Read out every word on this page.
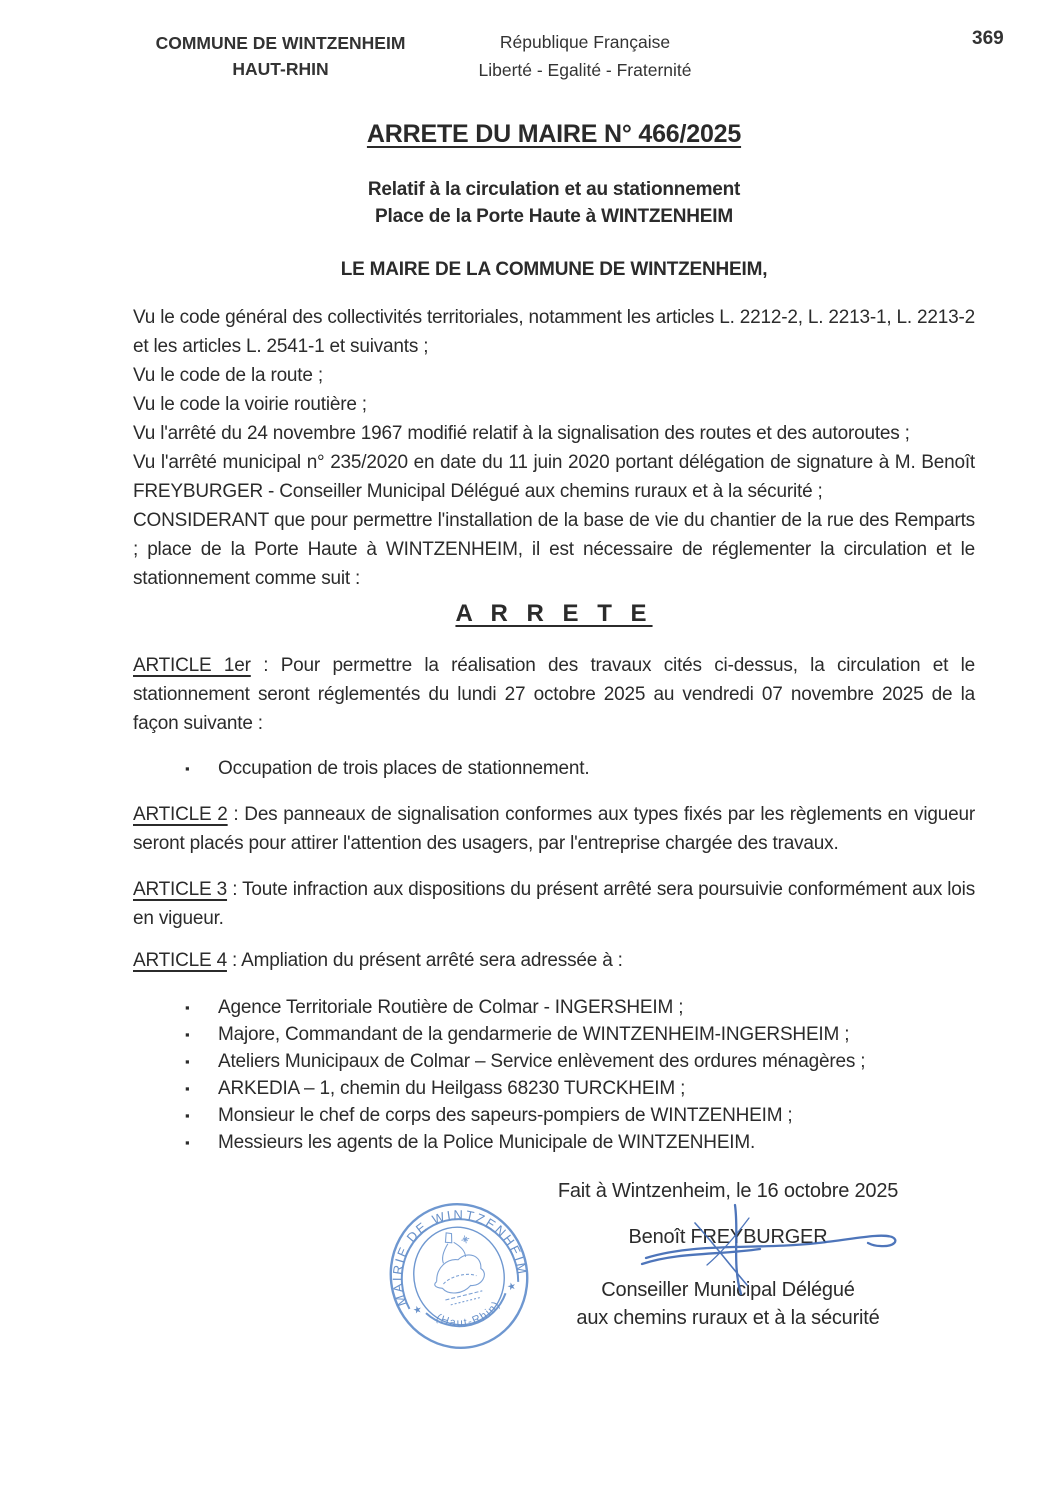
COMMUNE DE WINTZENHEIM
HAUT-RHIN
République Française
Liberté - Egalité - Fraternité
369
ARRETE DU MAIRE N° 466/2025
Relatif à la circulation et au stationnement
Place de la Porte Haute à WINTZENHEIM

LE MAIRE DE LA COMMUNE DE WINTZENHEIM,

Vu le code général des collectivités territoriales, notamment les articles L. 2212-2, L. 2213-1, L. 2213-2 et les articles L. 2541-1 et suivants ;

Vu le code de la route ;

Vu le code la voirie routière ;

Vu l'arrêté du 24 novembre 1967 modifié relatif à la signalisation des routes et des autoroutes ;

Vu l'arrêté municipal n° 235/2020 en date du 11 juin 2020 portant délégation de signature à M. Benoît FREYBURGER - Conseiller Municipal Délégué aux chemins ruraux et à la sécurité ;

CONSIDERANT que pour permettre l'installation de la base de vie du chantier de la rue des Remparts ; place de la Porte Haute à WINTZENHEIM, il est nécessaire de réglementer la circulation et le stationnement comme suit :

A R R E T E

ARTICLE 1er : Pour permettre la réalisation des travaux cités ci-dessus, la circulation et le stationnement seront réglementés du lundi 27 octobre 2025 au vendredi 07 novembre 2025 de la façon suivante :

▪	Occupation de trois places de stationnement.

ARTICLE 2 : Des panneaux de signalisation conformes aux types fixés par les règlements en vigueur seront placés pour attirer l'attention des usagers, par l'entreprise chargée des travaux.

ARTICLE 3 : Toute infraction aux dispositions du présent arrêté sera poursuivie conformément aux lois en vigueur.

ARTICLE 4 : Ampliation du présent arrêté sera adressée à :

▪	Agence Territoriale Routière de Colmar - INGERSHEIM ;
▪	Majore, Commandant de la gendarmerie de WINTZENHEIM-INGERSHEIM ;
▪	Ateliers Municipaux de Colmar – Service enlèvement des ordures ménagères ;
▪	ARKEDIA – 1, chemin du Heilgass 68230 TURCKHEIM ;
▪	Monsieur le chef de corps des sapeurs-pompiers de WINTZENHEIM ;
▪	Messieurs les agents de la Police Municipale de WINTZENHEIM.
Fait à Wintzenheim, le 16 octobre 2025
Benoît FREYBURGER
Conseiller Municipal Délégué
aux chemins ruraux et à la sécurité
MAIRIE DE WINTZENHEIM
(Haut-Rhin)
★
★
